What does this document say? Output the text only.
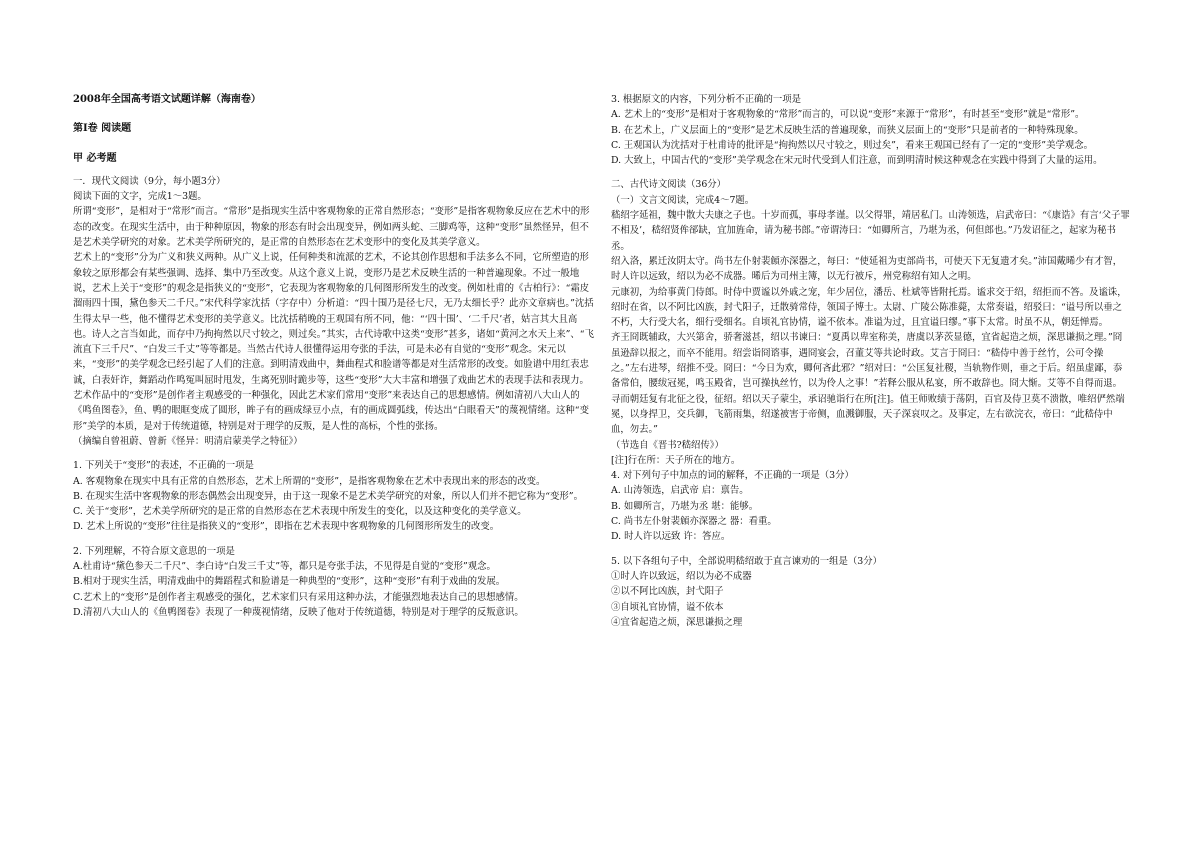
2008年全国高考语文试题详解（海南卷）
第Ⅰ卷 阅读题
甲 必考题

一．现代文阅读（9分，每小题3分）

阅读下面的文字，完成1～3题。

所谓“变形”，是相对于“常形”而言。“常形”是指现实生活中客观物象的正常自然形态；“变形”是指客观物象反应在艺术中的形态的改变。在现实生活中，由于种种原因，物象的形态有时会出现变异，例如两头蛇、三脚鸡等，这种“变形”虽然怪异，但不是艺术美学研究的对象。艺术美学所研究的，是正常的自然形态在艺术变形中的变化及其美学意义。

艺术上的“变形”分为广义和狭义两种。从广义上说，任何种类和流派的艺术，不论其创作思想和手法多么不同，它所塑造的形象较之原形都会有某些强调、选择、集中乃至改变。从这个意义上说，变形乃是艺术反映生活的一种普遍现象。不过一般地说，艺术上关于“变形”的观念是指狭义的“变形”，它表现为客观物象的几何图形所发生的改变。例如杜甫的《古柏行》：“霜皮溜雨四十围，黛色参天二千尺。”宋代科学家沈括（字存中）分析道：“四十围乃是径七尺，无乃太细长乎？此亦文章病也。”沈括生得太早一些，他不懂得艺术变形的美学意义。比沈括稍晚的王观国有所不同，他：“‘四十围’、‘二千尺’者，姑言其大且高也。诗人之言当如此，而存中乃拘拘然以尺寸较之，则过矣。”其实，古代诗歌中这类“变形”甚多，诸如“黄河之水天上来”、“飞流直下三千尺”、“白发三千丈”等等都是。当然古代诗人很懂得运用夸张的手法，可是未必有自觉的“变形”观念。宋元以来，“变形”的美学观念已经引起了人们的注意。到明清戏曲中，舞曲程式和脸谱等都是对生活常形的改变。如脸谱中用红表忠诚，白表奸诈，舞蹈动作鸣冤叫屈时甩发，生离死别时跪步等，这些“变形”大大丰富和增强了戏曲艺术的表现手法和表现力。

艺术作品中的“变形”是创作者主观感受的一种强化，因此艺术家们常用“变形”来表达自己的思想感情。例如清初八大山人的《鸣鱼图卷》，鱼、鸭的眼眶变成了圆形，眸子有的画成绿豆小点，有的画成圆弧线，传达出“白眼看天”的蔑视情绪。这种“变形”美学的本质，是对于传统道德，特别是对于理学的反叛，是人性的高标，个性的张扬。

（摘编自曾祖蔚、曾新《怪异：明清启蒙美学之特征》）

1. 下列关于“变形”的表述，不正确的一项是

A. 客观物象在现实中具有正常的自然形态，艺术上所谓的“变形”，是指客观物象在艺术中表现出来的形态的改变。

B. 在现实生活中客观物象的形态偶然会出现变异，由于这一现象不是艺术美学研究的对象，所以人们并不把它称为“变形”。

C. 关于“变形”，艺术美学所研究的是正常的自然形态在艺术表现中所发生的变化，以及这种变化的美学意义。

D. 艺术上所说的“变形”往往是指狭义的“变形”，即指在艺术表现中客观物象的几何图形所发生的改变。

2. 下列理解，不符合原文意思的一项是

A.杜甫诗“黛色参天二千尺”、李白诗“白发三千丈”等，都只是夸张手法，不见得是自觉的“变形”观念。

B.相对于现实生活，明清戏曲中的舞蹈程式和脸谱是一种典型的“变形”，这种“变形”有利于戏曲的发展。

C.艺术上的“变形”是创作者主观感受的强化，艺术家们只有采用这种办法，才能强烈地表达自己的思想感情。

D.清初八大山人的《鱼鸭图卷》表现了一种蔑视情绪，反映了他对于传统道德，特别是对于理学的反叛意识。

3. 根据原文的内容，下列分析不正确的一项是

A. 艺术上的“变形”是相对于客观物象的“常形”而言的，可以说“变形”来源于“常形”，有时甚至“变形”就是“常形”。

B. 在艺术上，广义层面上的“变形”是艺术反映生活的普遍现象，而狭义层面上的“变形”只是前者的一种特殊现象。

C. 王观国认为沈括对于杜甫诗的批评是“拘拘然以尺寸较之，则过矣”，看来王观国已经有了一定的“变形”美学观念。

D. 大致上，中国古代的“变形”美学观念在宋元时代受到人们注意，而到明清时候这种观念在实践中得到了大量的运用。

二、古代诗文阅读（36分）

（一）文言文阅读，完成4～7题。

嵇绍字延祖，魏中散大夫康之子也。十岁而孤，事母孝谨。以父得罪，靖居私门。山涛领选，启武帝曰：“《康诰》有言‘父子罪不相及’，嵇绍贤侔郤缺，宜加旌命，请为秘书郎。”帝谓涛曰：“如卿所言，乃堪为丞，何但郎也。”乃发诏征之，起家为秘书丞。

绍入洛，累迁汝阴太守。尚书左仆射裴頠亦深器之，每曰：“使延祖为吏部尚书，可使天下无复遗才矣。”沛国戴晞少有才智，时人许以远致，绍以为必不成器。晞后为司州主簿，以无行被斥，州党称绍有知人之明。

元康初，为给事黄门侍郎。时侍中贾谧以外戚之宠，年少居位，潘岳、杜斌等皆附托焉。谧求交于绍，绍拒而不答。及谧诛，绍时在省，以不阿比凶族，封弋阳子，迁散骑常侍，领国子博士。太尉、广陵公陈准薨，太常奏谥，绍驳曰：“谥号所以垂之不朽，大行受大名，细行受细名。自顷礼官协情，谥不依本。准谥为过，且宜谥曰缪。”事下太常。时虽不从，朝廷惮焉。

齐王冏既辅政，大兴第舍，骄奢滋甚，绍以书谏曰：“夏禹以卑室称美，唐虞以茅茨显德，宜省起造之烦，深思谦损之理。”冏虽逊辞以报之，而卒不能用。绍尝诣冏谘事，遇冏宴会，召董艾等共论时政。艾言于冏曰：“嵇侍中善于丝竹，公可令操之。”左右进琴，绍推不受。冏曰：“今日为欢，卿何吝此邪？”绍对曰：“公匡复社稷，当轨物作则，垂之于后。绍虽虚鄙，忝备常伯，腰绂冠冕，鸣玉殿省，岂可操执丝竹，以为伶人之事！”若释公服从私宴，所不敢辞也。冏大惭。艾等不自得而退。

寻而朝廷复有北征之役，征绍。绍以天子蒙尘，承诏驰诣行在所[注]。值王师败绩于荡阴，百官及侍卫莫不溃散，唯绍俨然端冕，以身捍卫，交兵御，飞箭雨集，绍遂被害于帝侧，血溅御服，天子深哀叹之。及事定，左右欲浣衣，帝曰：“此嵇侍中血，勿去。”

（节选自《晋书?嵇绍传》）

[注]行在所：天子所在的地方。

4. 对下列句子中加点的词的解释，不正确的一项是（3分）

A. 山涛领选，启武帝 启：禀告。

B. 如卿所言，乃堪为丞 堪：能够。

C. 尚书左仆射裴頠亦深器之 器：看重。

D. 时人许以远致 许：答应。

5. 以下各组句子中，全部说明嵇绍敢于直言谏劝的一组是（3分）

①时人许以致远，绍以为必不成器

②以不阿比凶族，封弋阳子

③自顷礼官协情，谥不依本

④宜省起造之烦，深思谦损之理
